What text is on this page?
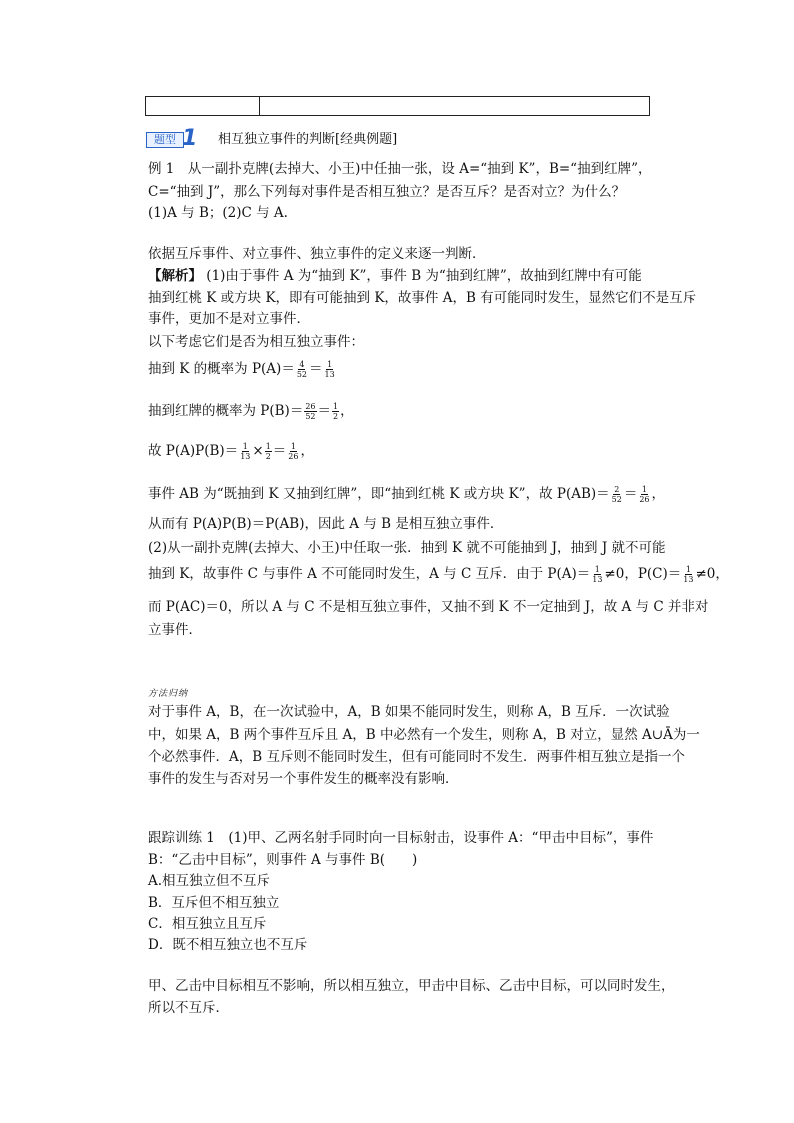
题型 1 相互独立事件的判断[经典例题]
例 1　从一副扑克牌(去掉大、小王)中任抽一张，设 A=“抽到 K”，B=“抽到红牌”，
C=“抽到 J”，那么下列每对事件是否相互独立？是否互斥？是否对立？为什么？
(1)A 与 B；(2)C 与 A.
依据互斥事件、对立事件、独立事件的定义来逐一判断．
【解析】 (1)由于事件 A 为“抽到 K”，事件 B 为“抽到红牌”，故抽到红牌中有可能
抽到红桃 K 或方块 K，即有可能抽到 K，故事件 A，B 有可能同时发生，显然它们不是互斥
事件，更加不是对立事件．
以下考虑它们是否为相互独立事件：
抽到 K 的概率为 $P(A)= \frac{4}{52} = \frac{1}{13}$
抽到红牌的概率为 $P(B)= \frac{26}{52} = \frac{1}{2}$ ，
故 $P(A)P(B)= \frac{1}{13} \times \frac{1}{2} = \frac{1}{26}$ ，
事件 AB 为“既抽到 K 又抽到红牌”，即“抽到红桃 K 或方块 K”，故 $P(AB)= \frac{2}{52} = \frac{1}{26}$ ，
从而有 P(A)P(B)＝P(AB)，因此 A 与 B 是相互独立事件．
(2)从一副扑克牌(去掉大、小王)中任取一张．抽到 K 就不可能抽到 J，抽到 J 就不可能
抽到 K，故事件 C 与事件 A 不可能同时发生，A 与 C 互斥．由于 $P(A)= \frac{1}{13} \ne 0$，$P(C)= \frac{1}{13} \ne 0$，
而 P(AC)＝0，所以 A 与 C 不是相互独立事件，又抽不到 K 不一定抽到 J，故 A 与 C 并非对
立事件．
方法归纳
对于事件 A，B，在一次试验中，A，B 如果不能同时发生，则称 A，B 互斥．一次试验
中，如果 A，B 两个事件互斥且 A，B 中必然有一个发生，则称 A，B 对立，显然 A∪Ā为一
个必然事件．A，B 互斥则不能同时发生，但有可能同时不发生．两事件相互独立是指一个
事件的发生与否对另一个事件发生的概率没有影响．
跟踪训练 1　(1)甲、乙两名射手同时向一目标射击，设事件 A：“甲击中目标”，事件
B：“乙击中目标”，则事件 A 与事件 B(　　)
A.相互独立但不互斥
B．互斥但不相互独立
C．相互独立且互斥
D．既不相互独立也不互斥
甲、乙击中目标相互不影响，所以相互独立，甲击中目标、乙击中目标，可以同时发生，
所以不互斥．
